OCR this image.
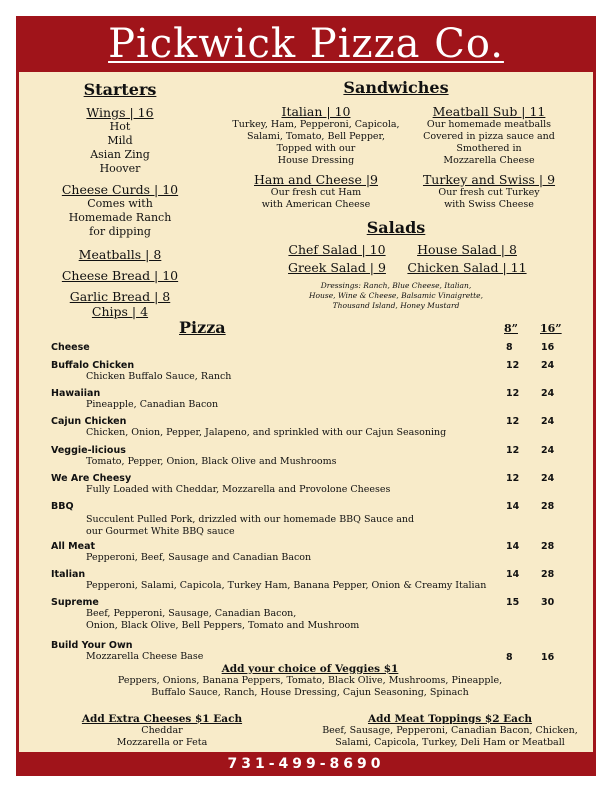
Pickwick Pizza Co.
Starters
Wings | 16
Hot
Mild
Asian Zing
Hoover
Cheese Curds | 10
Comes with
Homemade Ranch
for dipping
Meatballs | 8
Cheese Bread | 10
Garlic Bread | 8
Chips | 4
Sandwiches
Italian | 10
Turkey, Ham, Pepperoni, Capicola,
Salami, Tomato, Bell Pepper,
Topped with our
House Dressing
Meatball Sub | 11
Our homemade meatballs
Covered in pizza sauce and
Smothered in
Mozzarella Cheese
Ham and Cheese |9
Our fresh cut Ham
with American Cheese
Turkey and Swiss | 9
Our fresh cut Turkey
with Swiss Cheese
Salads
Chef Salad | 10	House Salad | 8
Greek Salad | 9	Chicken Salad | 11
Dressings: Ranch, Blue Cheese, Italian,
House, Wine & Cheese, Balsamic Vinaigrette,
Thousand Island, Honey Mustard
Pizza	8” 16”
Cheese	8	16
Buffalo Chicken
Chicken Buffalo Sauce, Ranch
12 24
Hawaiian
Pineapple, Canadian Bacon
12 24
Cajun Chicken
Chicken, Onion, Pepper, Jalapeno, and sprinkled with our Cajun Seasoning
12 24
Veggie-licious
Tomato, Pepper, Onion, Black Olive and Mushrooms
12 24
We Are Cheesy
Fully Loaded with Cheddar, Mozzarella and Provolone Cheeses
12 24
BBQ
Succulent Pulled Pork, drizzled with our homemade BBQ Sauce and
our Gourmet White BBQ sauce
14 28
All Meat
Pepperoni, Beef, Sausage and Canadian Bacon
14 28
Italian
Pepperoni, Salami, Capicola, Turkey Ham, Banana Pepper, Onion & Creamy Italian
14 28
Supreme
Beef, Pepperoni, Sausage, Canadian Bacon,
Onion, Black Olive, Bell Peppers, Tomato and Mushroom
15 30
Build Your Own
Mozzarella Cheese Base	8	16
Add your choice of Veggies $1
Peppers, Onions, Banana Peppers, Tomato, Black Olive, Mushrooms, Pineapple,
Buffalo Sauce, Ranch, House Dressing, Cajun Seasoning, Spinach
Add Extra Cheeses $1 Each
Cheddar
Mozzarella or Feta
Add Meat Toppings $2 Each
Beef, Sausage, Pepperoni, Canadian Bacon, Chicken,
Salami, Capicola, Turkey, Deli Ham or Meatball
731-499-8690
